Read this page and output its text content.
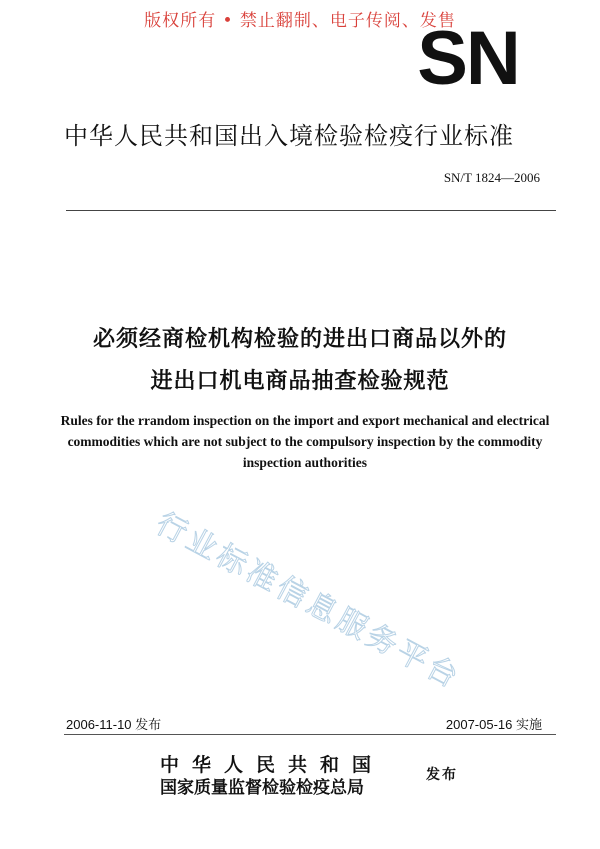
版权所有 • 禁止翻制、电子传阅、发售
SN
中华人民共和国出入境检验检疫行业标准
SN/T 1824—2006
必须经商检机构检验的进出口商品以外的
进出口机电商品抽查检验规范
Rules for the rrandom inspection on the import and export mechanical and electrical commodities which are not subject to the compulsory inspection by the commodity inspection authorities
行业标准信息服务平台
2006-11-10 发布	2007-05-16 实施
中华人民共和国
国家质量监督检验检疫总局
发布
